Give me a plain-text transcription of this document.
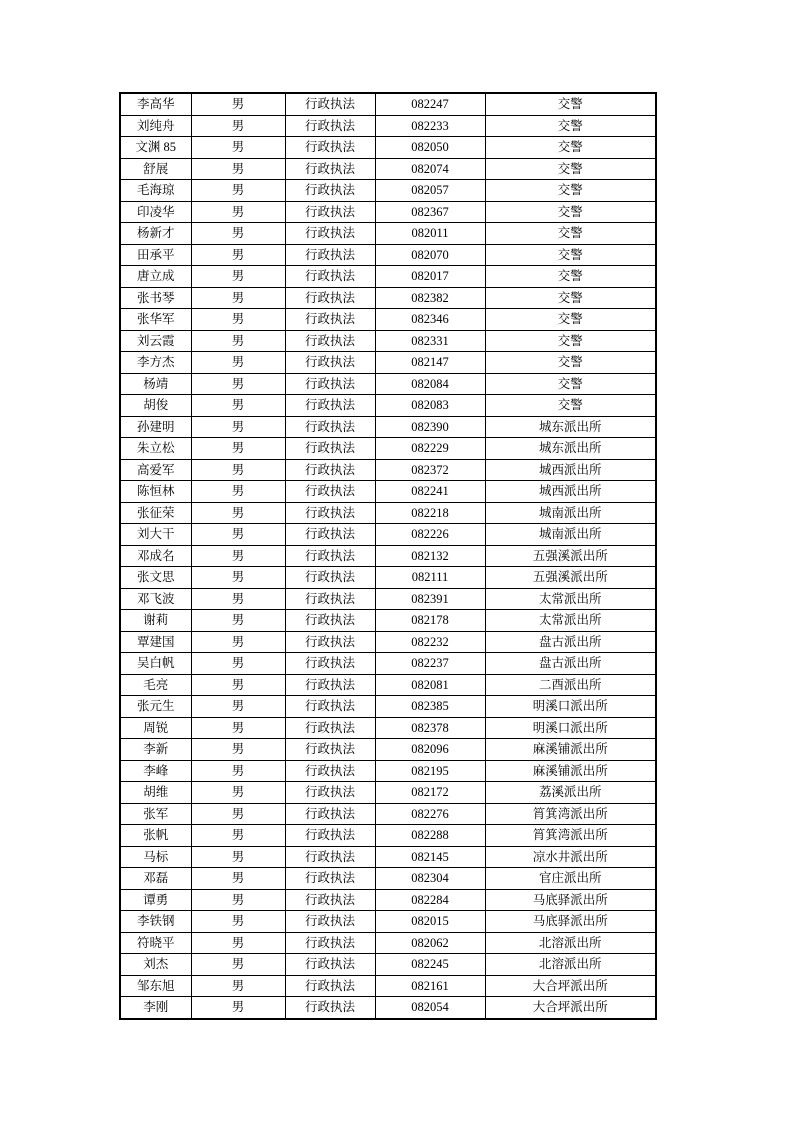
李高华	男	行政执法	082247	交警
刘纯舟	男	行政执法	082233	交警
文渊 85	男	行政执法	082050	交警
舒展	男	行政执法	082074	交警
毛海琼	男	行政执法	082057	交警
印凌华	男	行政执法	082367	交警
杨新才	男	行政执法	082011	交警
田承平	男	行政执法	082070	交警
唐立成	男	行政执法	082017	交警
张书琴	男	行政执法	082382	交警
张华军	男	行政执法	082346	交警
刘云霞	男	行政执法	082331	交警
李方杰	男	行政执法	082147	交警
杨靖	男	行政执法	082084	交警
胡俊	男	行政执法	082083	交警
孙建明	男	行政执法	082390	城东派出所
朱立松	男	行政执法	082229	城东派出所
高爱军	男	行政执法	082372	城西派出所
陈恒林	男	行政执法	082241	城西派出所
张征荣	男	行政执法	082218	城南派出所
刘大干	男	行政执法	082226	城南派出所
邓成名	男	行政执法	082132	五强溪派出所
张文思	男	行政执法	082111	五强溪派出所
邓飞波	男	行政执法	082391	太常派出所
谢莉	男	行政执法	082178	太常派出所
覃建国	男	行政执法	082232	盘古派出所
吴白帆	男	行政执法	082237	盘古派出所
毛亮	男	行政执法	082081	二酉派出所
张元生	男	行政执法	082385	明溪口派出所
周锐	男	行政执法	082378	明溪口派出所
李新	男	行政执法	082096	麻溪铺派出所
李峰	男	行政执法	082195	麻溪铺派出所
胡维	男	行政执法	082172	荔溪派出所
张军	男	行政执法	082276	筲箕湾派出所
张帆	男	行政执法	082288	筲箕湾派出所
马标	男	行政执法	082145	凉水井派出所
邓磊	男	行政执法	082304	官庄派出所
谭勇	男	行政执法	082284	马底驿派出所
李铁钢	男	行政执法	082015	马底驿派出所
符晓平	男	行政执法	082062	北溶派出所
刘杰	男	行政执法	082245	北溶派出所
邹东旭	男	行政执法	082161	大合坪派出所
李刚	男	行政执法	082054	大合坪派出所
